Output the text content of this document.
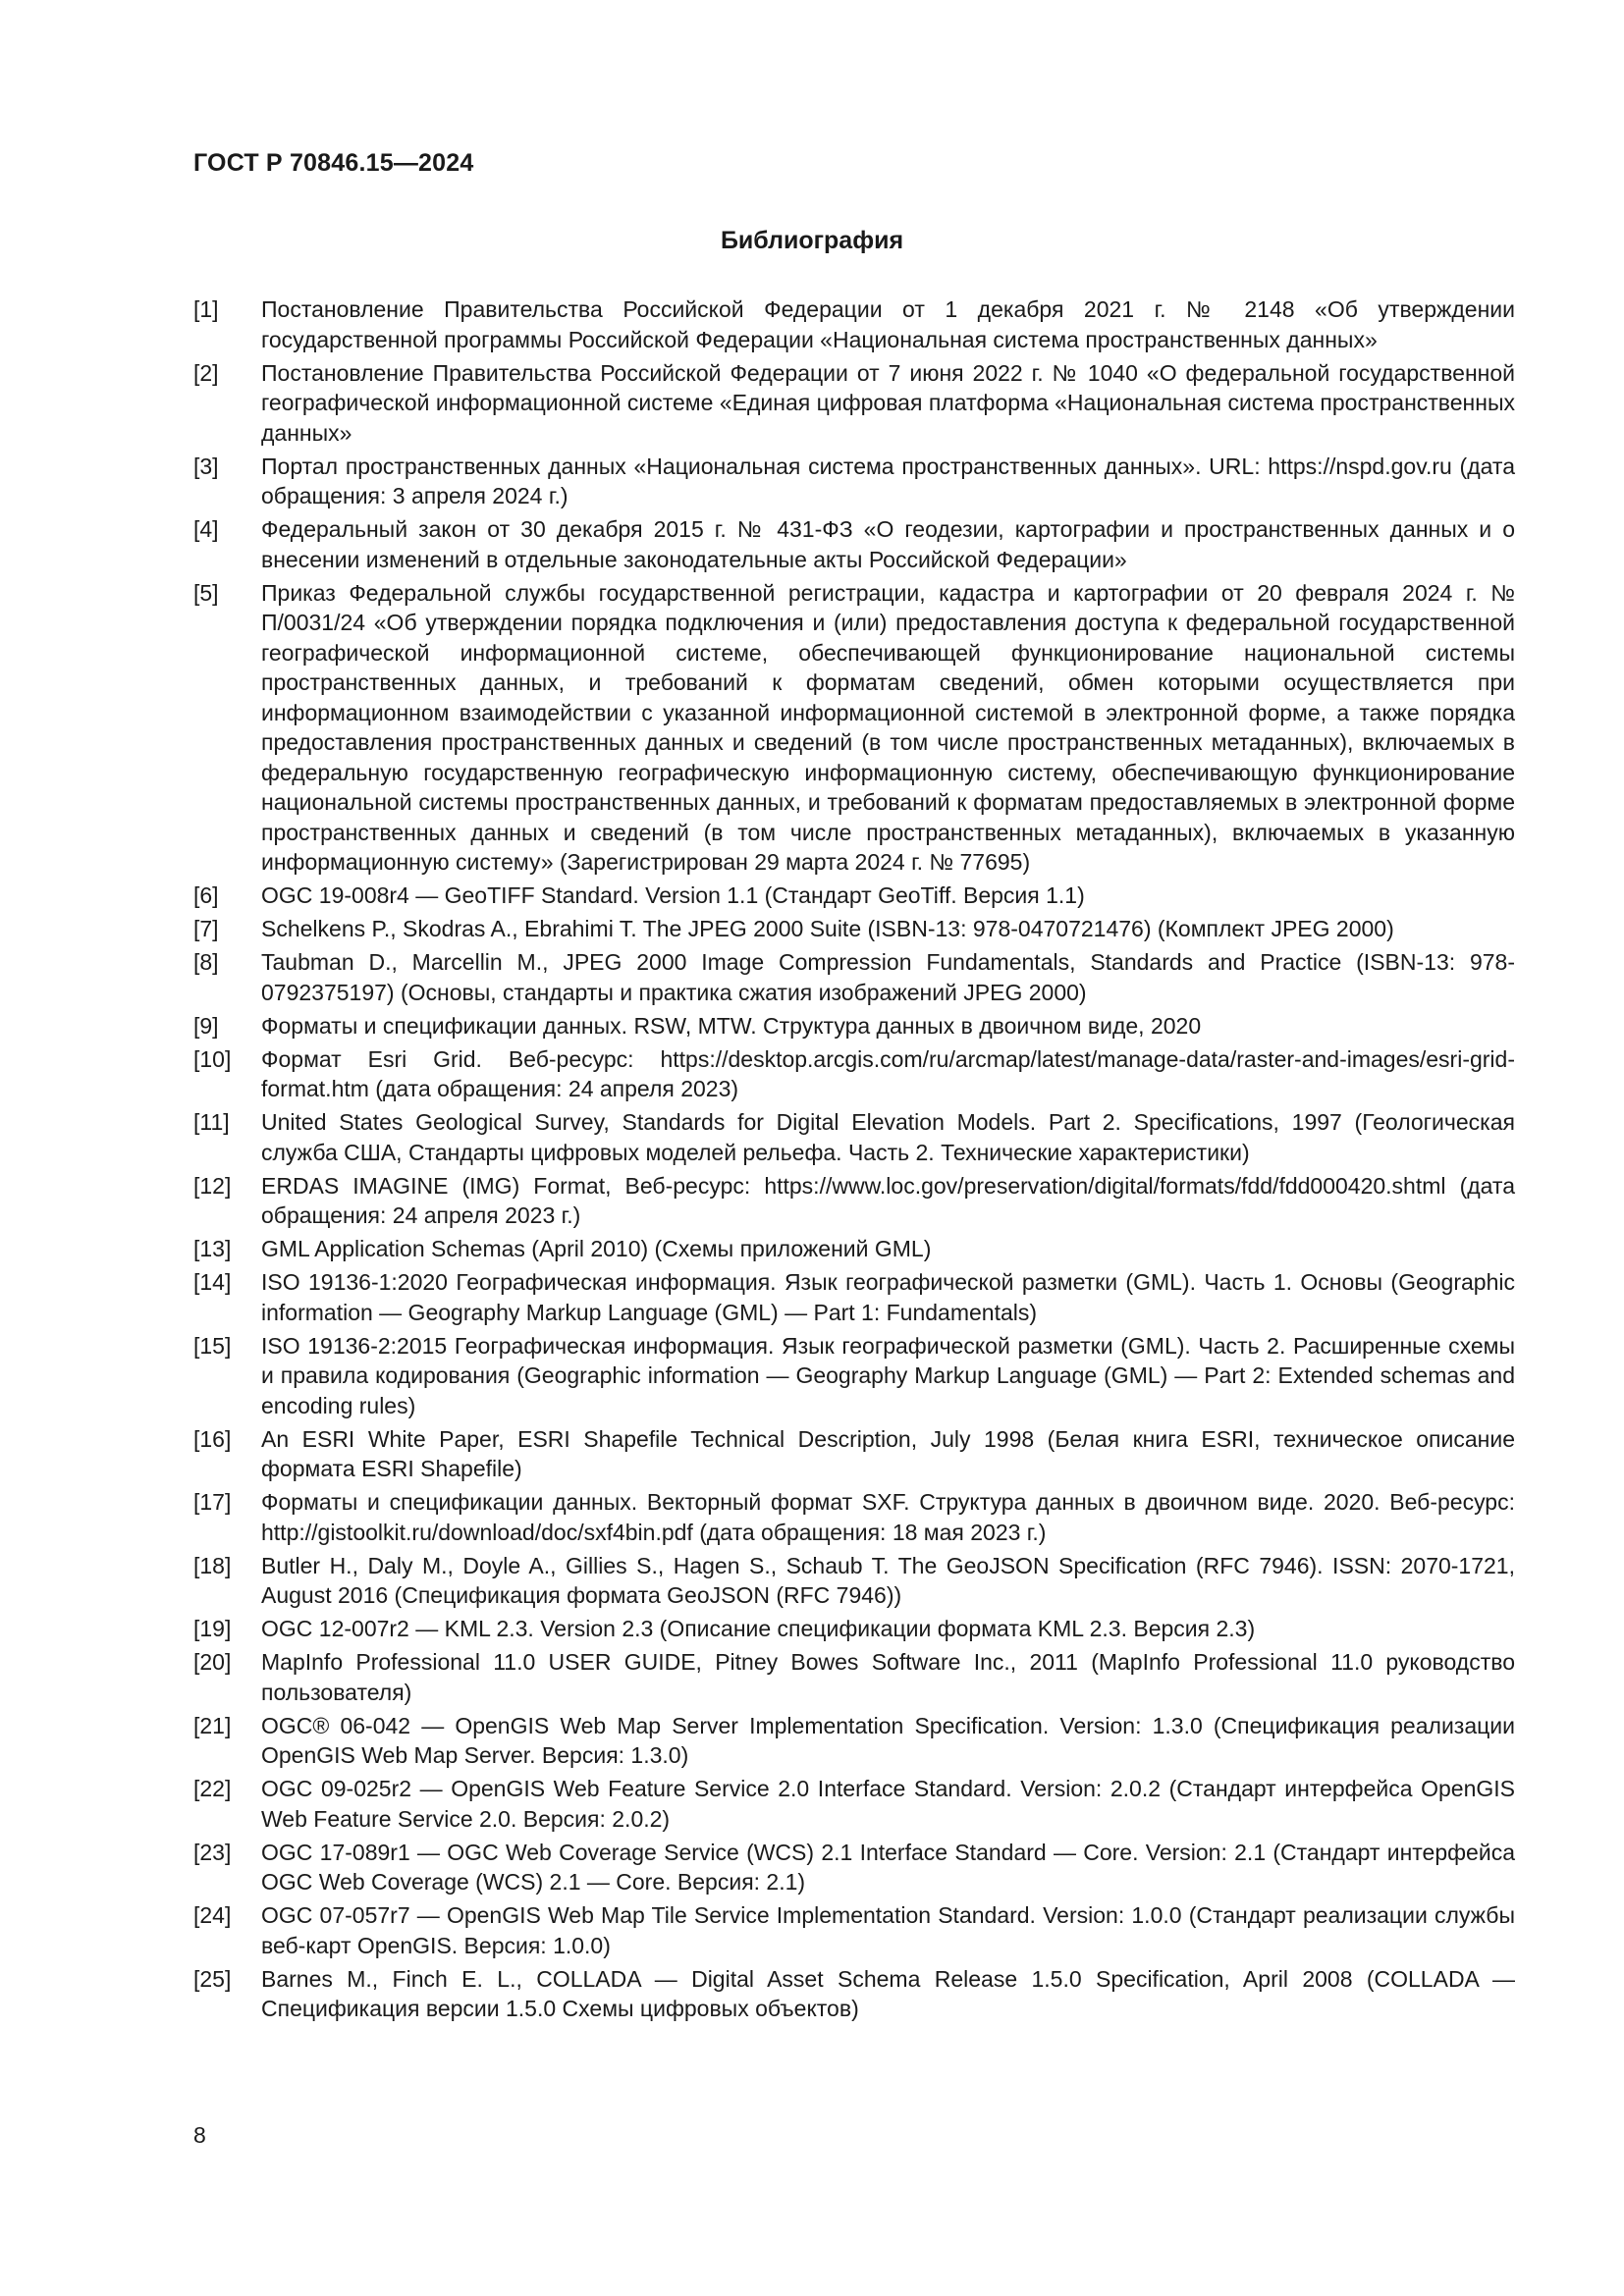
ГОСТ Р 70846.15—2024
Библиография
[1]	Постановление Правительства Российской Федерации от 1 декабря 2021 г. № 2148 «Об утверждении государственной программы Российской Федерации «Национальная система пространственных данных»
[2]	Постановление Правительства Российской Федерации от 7 июня 2022 г. № 1040 «О федеральной государственной географической информационной системе «Единая цифровая платформа «Национальная система пространственных данных»
[3]	Портал пространственных данных «Национальная система пространственных данных». URL: https://nspd.gov.ru (дата обращения: 3 апреля 2024 г.)
[4]	Федеральный закон от 30 декабря 2015 г. № 431-ФЗ «О геодезии, картографии и пространственных данных и о внесении изменений в отдельные законодательные акты Российской Федерации»
[5]	Приказ Федеральной службы государственной регистрации, кадастра и картографии от 20 февраля 2024 г. № П/0031/24 «Об утверждении порядка подключения и (или) предоставления доступа к федеральной государственной географической информационной системе, обеспечивающей функционирование национальной системы пространственных данных, и требований к форматам сведений, обмен которыми осуществляется при информационном взаимодействии с указанной информационной системой в электронной форме, а также порядка предоставления пространственных данных и сведений (в том числе пространственных метаданных), включаемых в федеральную государственную географическую информационную систему, обеспечивающую функционирование национальной системы пространственных данных, и требований к форматам предоставляемых в электронной форме пространственных данных и сведений (в том числе пространственных метаданных), включаемых в указанную информационную систему» (Зарегистрирован 29 марта 2024 г. № 77695)
[6]	OGC 19-008r4 — GeoTIFF Standard. Version 1.1 (Стандарт GeoTiff. Версия 1.1)
[7]	Schelkens P., Skodras A., Ebrahimi T. The JPEG 2000 Suite (ISBN-13: 978-0470721476) (Комплект JPEG 2000)
[8]	Taubman D., Marcellin M., JPEG 2000 Image Compression Fundamentals, Standards and Practice (ISBN-13: 978-0792375197) (Основы, стандарты и практика сжатия изображений JPEG 2000)
[9]	Форматы и спецификации данных. RSW, MTW. Структура данных в двоичном виде, 2020
[10]	Формат Esri Grid. Веб-ресурс: https://desktop.arcgis.com/ru/arcmap/latest/manage-data/raster-and-images/esri-grid-format.htm (дата обращения: 24 апреля 2023)
[11]	United States Geological Survey, Standards for Digital Elevation Models. Part 2. Specifications, 1997 (Геологическая служба США, Стандарты цифровых моделей рельефа. Часть 2. Технические характеристики)
[12]	ERDAS IMAGINE (IMG) Format, Веб-ресурс: https://www.loc.gov/preservation/digital/formats/fdd/fdd000420.shtml (дата обращения: 24 апреля 2023 г.)
[13]	GML Application Schemas (April 2010) (Схемы приложений GML)
[14]	ISO 19136-1:2020 Географическая информация. Язык географической разметки (GML). Часть 1. Основы (Geographic information — Geography Markup Language (GML) — Part 1: Fundamentals)
[15]	ISO 19136-2:2015 Географическая информация. Язык географической разметки (GML). Часть 2. Расширенные схемы и правила кодирования (Geographic information — Geography Markup Language (GML) — Part 2: Extended schemas and encoding rules)
[16]	An ESRI White Paper, ESRI Shapefile Technical Description, July 1998 (Белая книга ESRI, техническое описание формата ESRI Shapefile)
[17]	Форматы и спецификации данных. Векторный формат SXF. Структура данных в двоичном виде. 2020. Веб-ресурс: http://gistoolkit.ru/download/doc/sxf4bin.pdf (дата обращения: 18 мая 2023 г.)
[18]	Butler H., Daly M., Doyle A., Gillies S., Hagen S., Schaub T. The GeoJSON Specification (RFC 7946). ISSN: 2070-1721, August 2016 (Спецификация формата GeoJSON (RFC 7946))
[19]	OGC 12-007r2 — KML 2.3. Version 2.3 (Описание спецификации формата KML 2.3. Версия 2.3)
[20]	MapInfo Professional 11.0 USER GUIDE, Pitney Bowes Software Inc., 2011 (MapInfo Professional 11.0 руководство пользователя)
[21]	OGC® 06-042 — OpenGIS Web Map Server Implementation Specification. Version: 1.3.0 (Спецификация реализации OpenGIS Web Map Server. Версия: 1.3.0)
[22]	OGC 09-025r2 — OpenGIS Web Feature Service 2.0 Interface Standard. Version: 2.0.2 (Стандарт интерфейса OpenGIS Web Feature Service 2.0. Версия: 2.0.2)
[23]	OGC 17-089r1 — OGC Web Coverage Service (WCS) 2.1 Interface Standard — Core. Version: 2.1 (Стандарт интерфейса OGC Web Coverage (WCS) 2.1 — Core. Версия: 2.1)
[24]	OGC 07-057r7 — OpenGIS Web Map Tile Service Implementation Standard. Version: 1.0.0 (Стандарт реализации службы веб-карт OpenGIS. Версия: 1.0.0)
[25]	Barnes M., Finch E. L., COLLADA — Digital Asset Schema Release 1.5.0 Specification, April 2008 (COLLADA — Спецификация версии 1.5.0 Схемы цифровых объектов)
8
